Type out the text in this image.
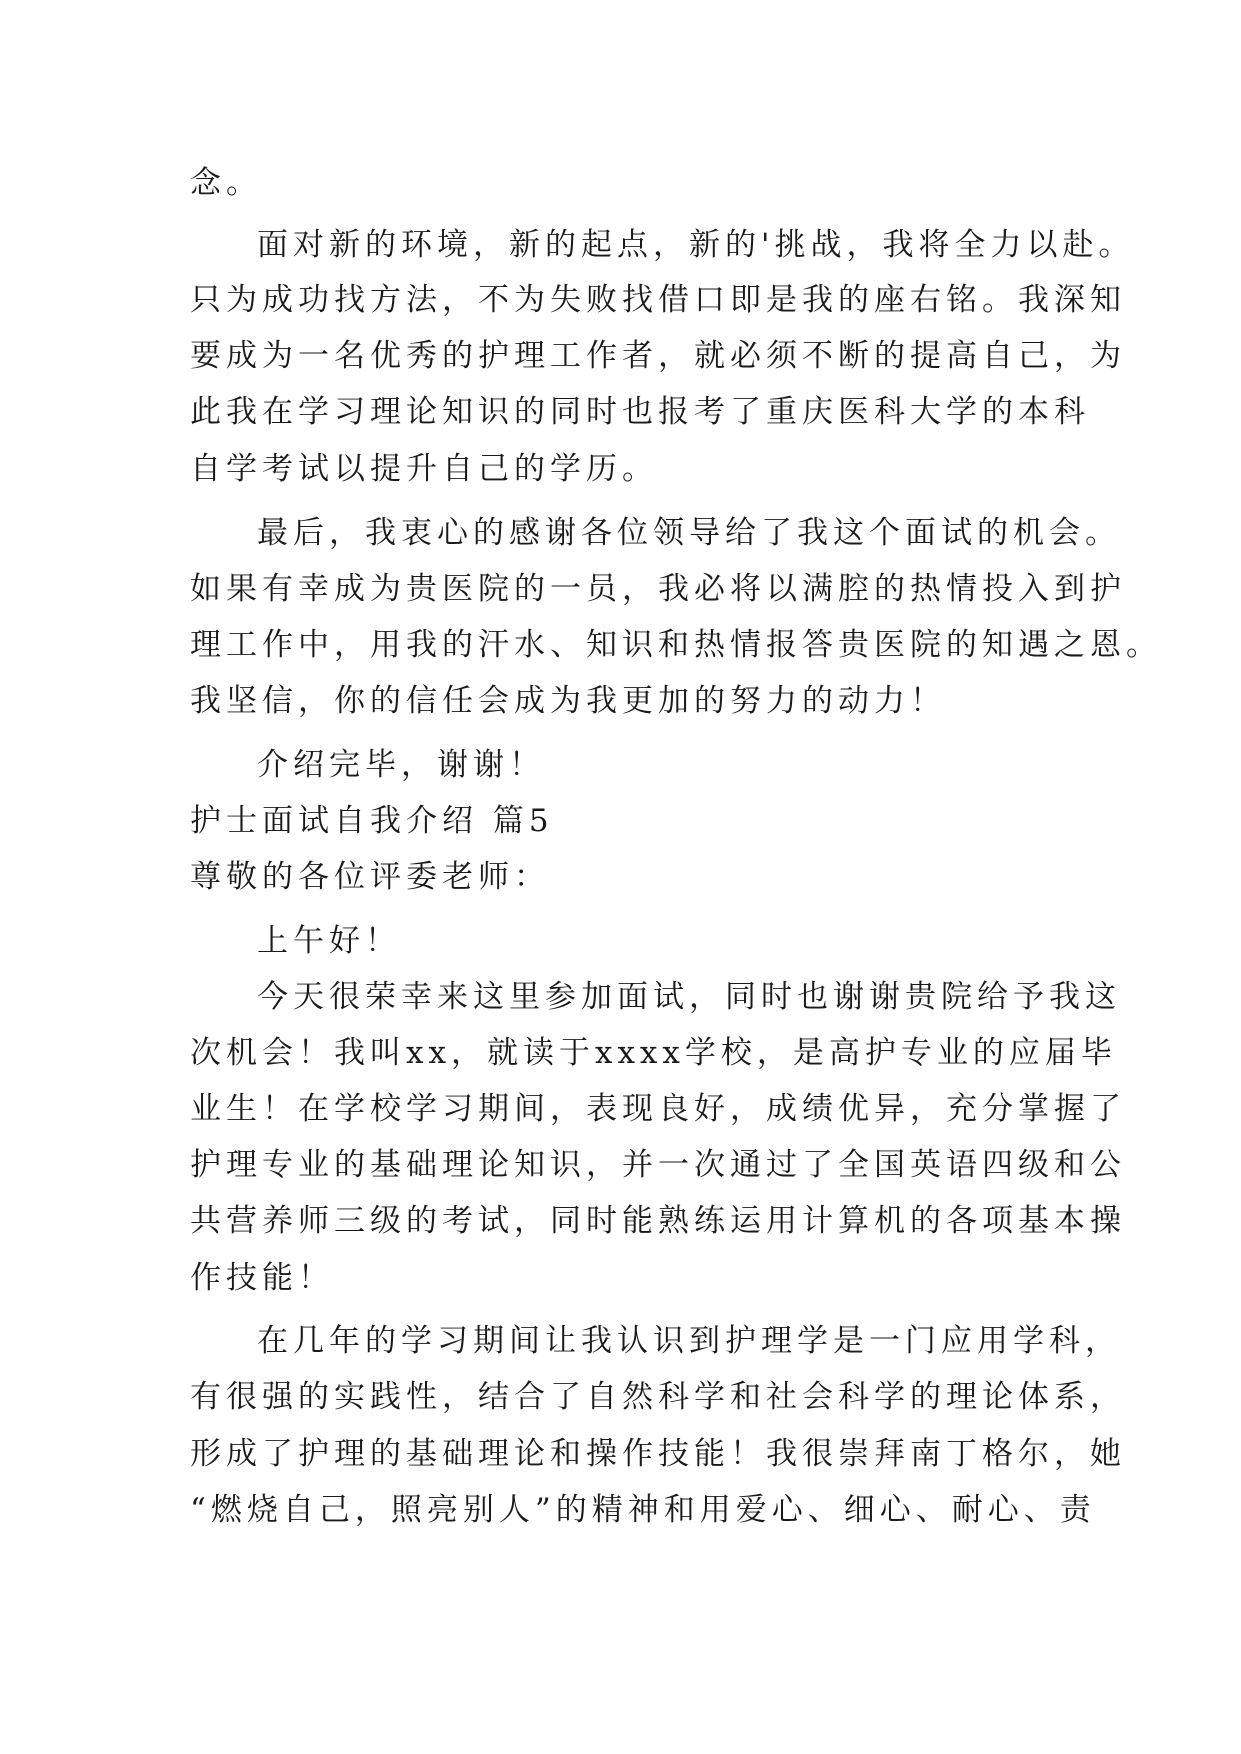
念。
面对新的环境，新的起点，新的'挑战，我将全力以赴。
只为成功找方法，不为失败找借口即是我的座右铭。我深知
要成为一名优秀的护理工作者，就必须不断的提高自己，为
此我在学习理论知识的同时也报考了重庆医科大学的本科
自学考试以提升自己的学历。
最后，我衷心的感谢各位领导给了我这个面试的机会。
如果有幸成为贵医院的一员，我必将以满腔的热情投入到护
理工作中，用我的汗水、知识和热情报答贵医院的知遇之恩。
我坚信，你的信任会成为我更加的努力的动力！
介绍完毕，谢谢！
护士面试自我介绍 篇5
尊敬的各位评委老师：
上午好！
今天很荣幸来这里参加面试，同时也谢谢贵院给予我这
次机会！我叫xx，就读于xxxx学校，是高护专业的应届毕
业生！在学校学习期间，表现良好，成绩优异，充分掌握了
护理专业的基础理论知识，并一次通过了全国英语四级和公
共营养师三级的考试，同时能熟练运用计算机的各项基本操
作技能！
在几年的学习期间让我认识到护理学是一门应用学科，
有很强的实践性，结合了自然科学和社会科学的理论体系，
形成了护理的基础理论和操作技能！我很崇拜南丁格尔，她
“燃烧自己，照亮别人”的精神和用爱心、细心、耐心、责
